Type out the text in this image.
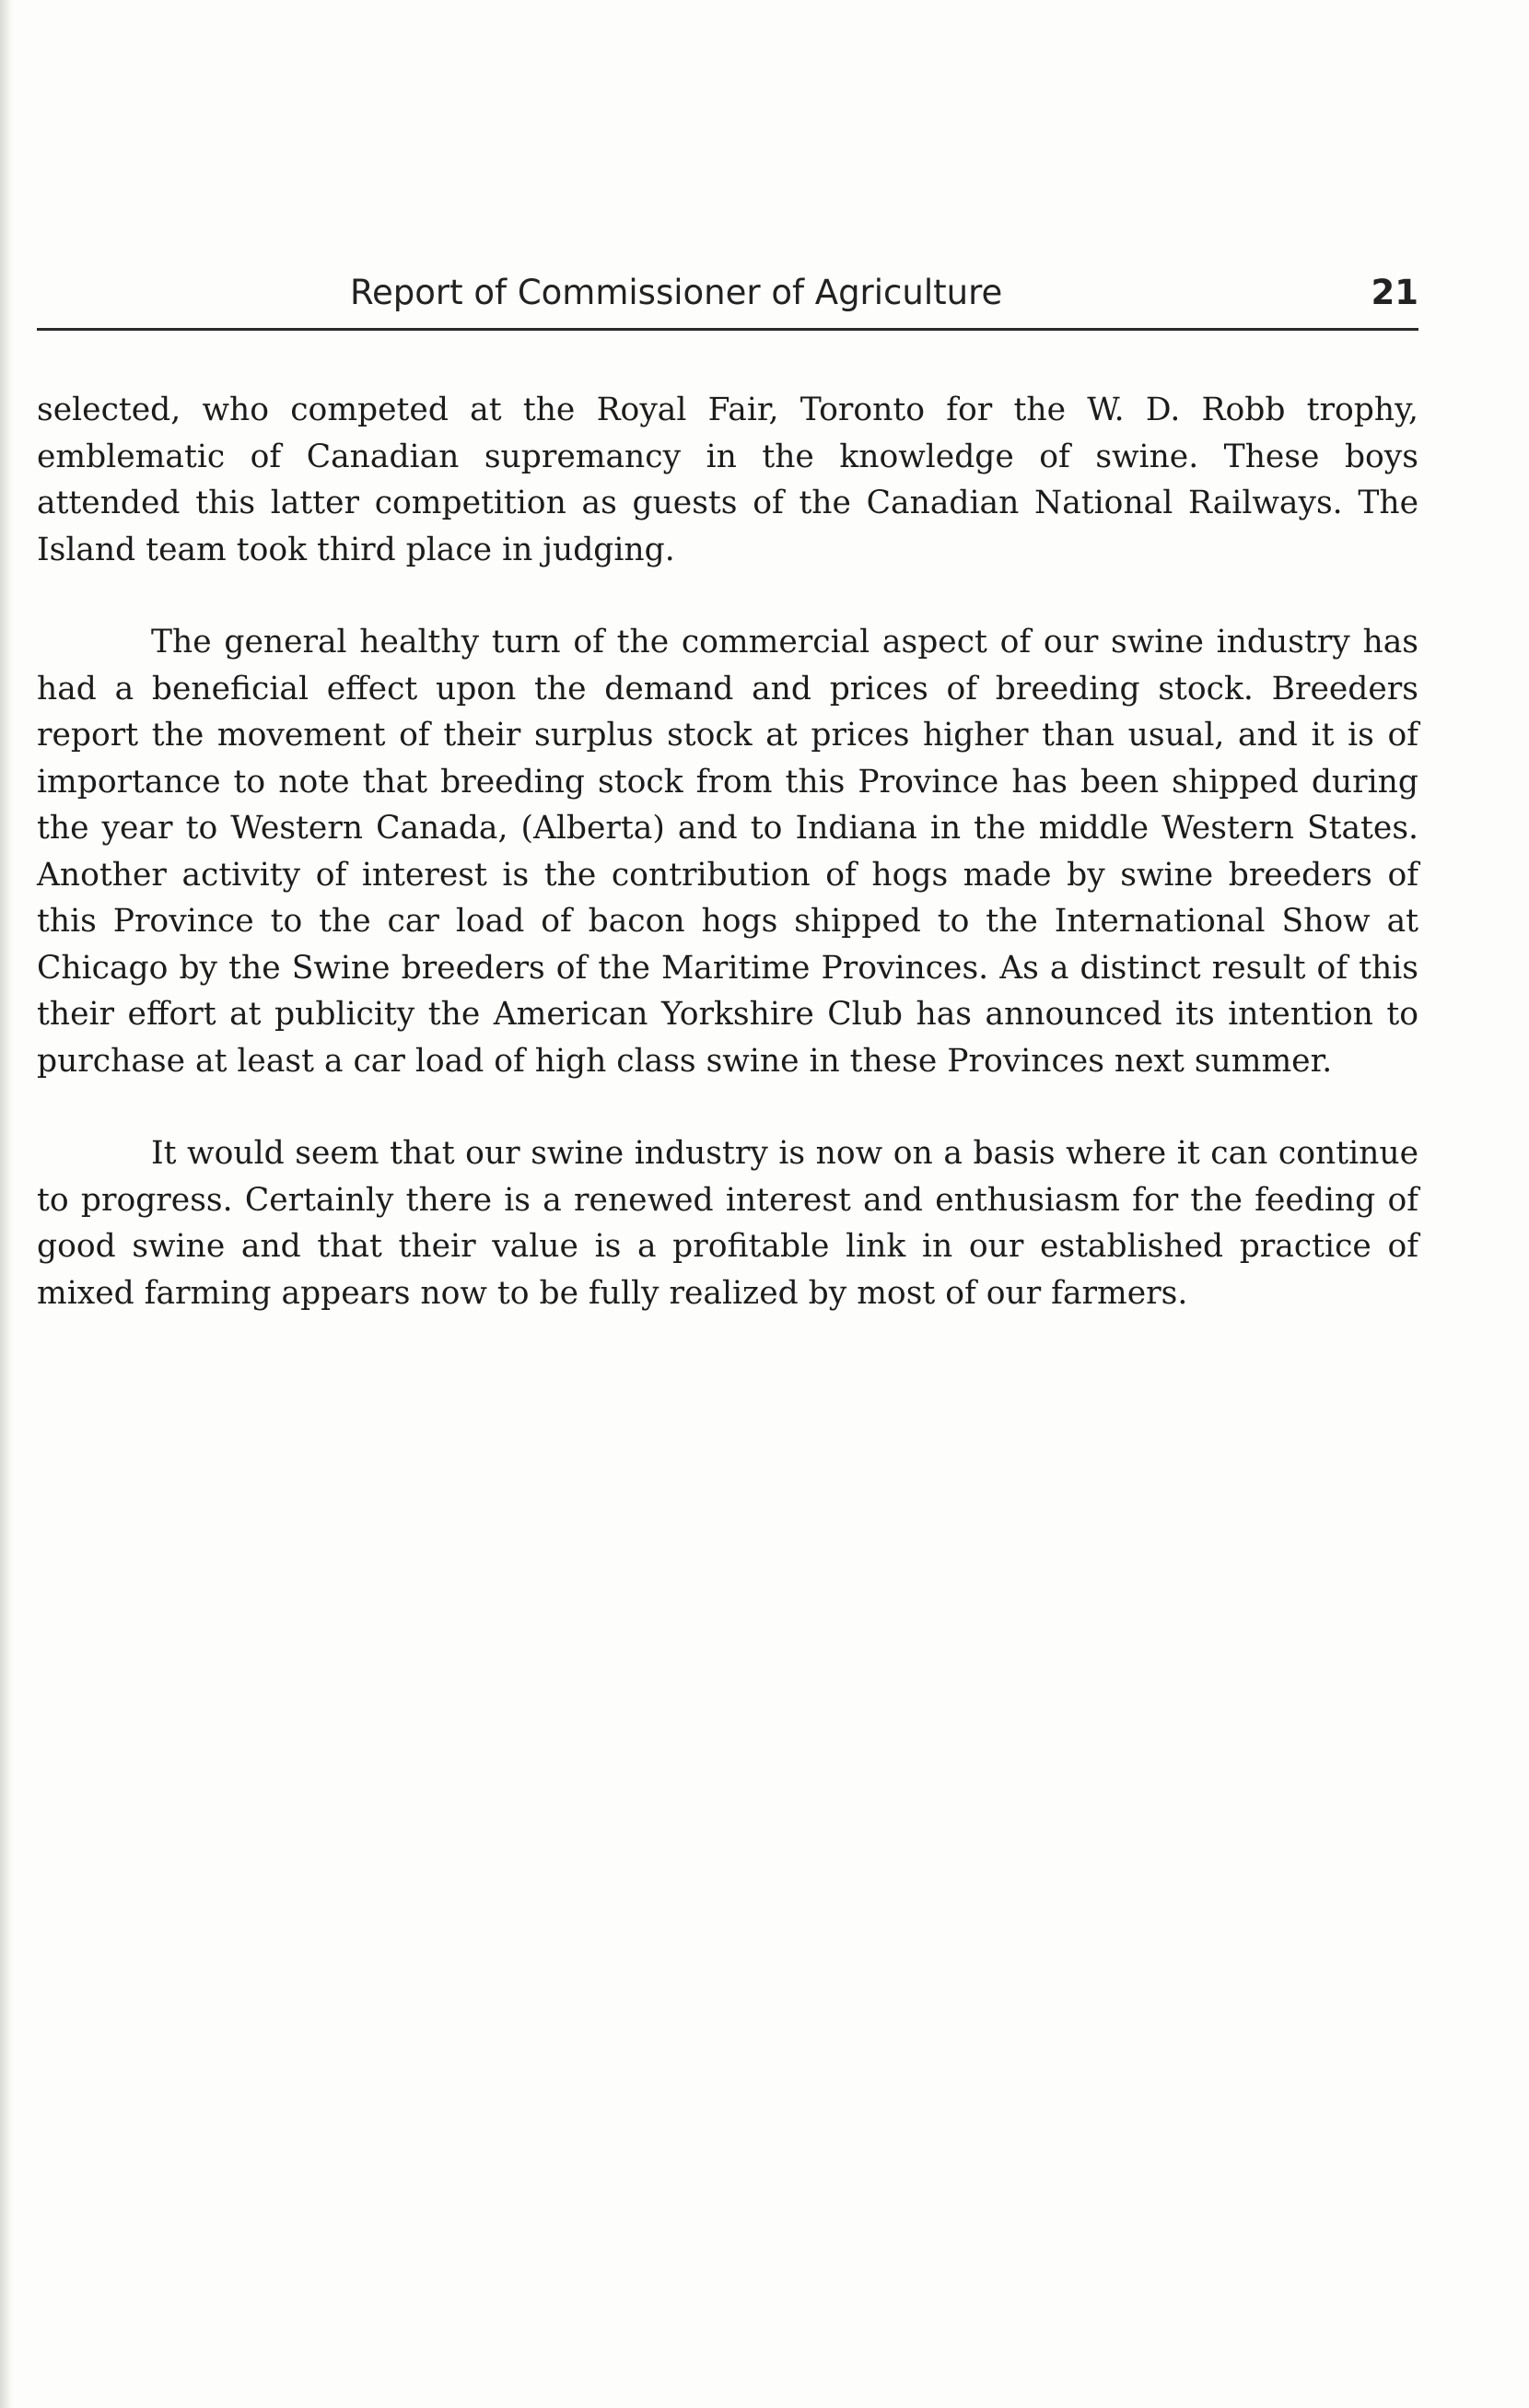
Report of Commissioner of Agriculture	21

selected, who competed at the Royal Fair, Toronto for the W. D. Robb trophy, emblematic of Canadian supremancy in the knowledge of swine. These boys attended this latter competition as guests of the Canadian National Railways. The Island team took third place in judging.

The general healthy turn of the commercial aspect of our swine industry has had a beneficial effect upon the demand and prices of breeding stock. Breeders report the movement of their surplus stock at prices higher than usual, and it is of importance to note that breeding stock from this Province has been shipped during the year to Western Canada, (Alberta) and to Indiana in the middle Western States. Another activity of interest is the contribution of hogs made by swine breeders of this Province to the car load of bacon hogs shipped to the International Show at Chicago by the Swine breeders of the Maritime Provinces. As a distinct result of this their effort at publicity the American Yorkshire Club has announced its intention to purchase at least a car load of high class swine in these Provinces next summer.

It would seem that our swine industry is now on a basis where it can continue to progress. Certainly there is a renewed interest and enthusiasm for the feeding of good swine and that their value is a profitable link in our established practice of mixed farming appears now to be fully realized by most of our farmers.
